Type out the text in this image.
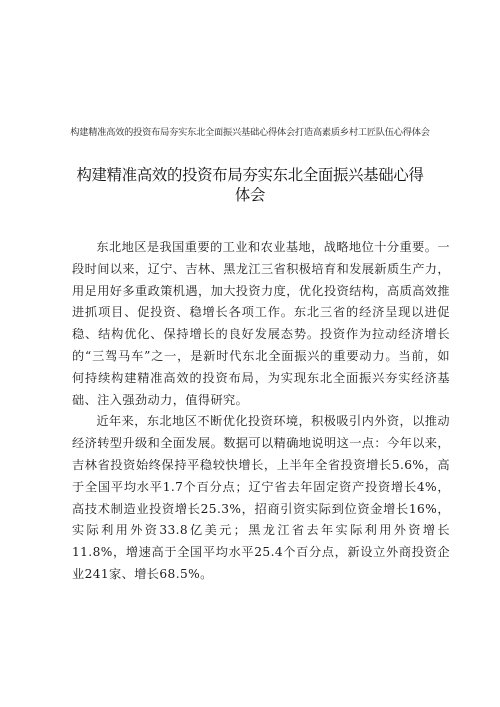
构建精准高效的投资布局夯实东北全面振兴基础心得体会打造高素质乡村工匠队伍心得体会
构建精准高效的投资布局夯实东北全面振兴基础心得体会

东北地区是我国重要的工业和农业基地，战略地位十分重要。一段时间以来，辽宁、吉林、黑龙江三省积极培育和发展新质生产力，用足用好多重政策机遇，加大投资力度，优化投资结构，高质高效推进抓项目、促投资、稳增长各项工作。东北三省的经济呈现以进促稳、结构优化、保持增长的良好发展态势。投资作为拉动经济增长的“三驾马车”之一，是新时代东北全面振兴的重要动力。当前，如何持续构建精准高效的投资布局，为实现东北全面振兴夯实经济基础、注入强劲动力，值得研究。

近年来，东北地区不断优化投资环境，积极吸引内外资，以推动经济转型升级和全面发展。数据可以精确地说明这一点：今年以来，吉林省投资始终保持平稳较快增长，上半年全省投资增长5.6%，高于全国平均水平1.7个百分点；辽宁省去年固定资产投资增长4%，高技术制造业投资增长25.3%，招商引资实际到位资金增长16%，实际利用外资33.8亿美元；黑龙江省去年实际利用外资增长11.8%，增速高于全国平均水平25.4个百分点，新设立外商投资企业241家、增长68.5%。
